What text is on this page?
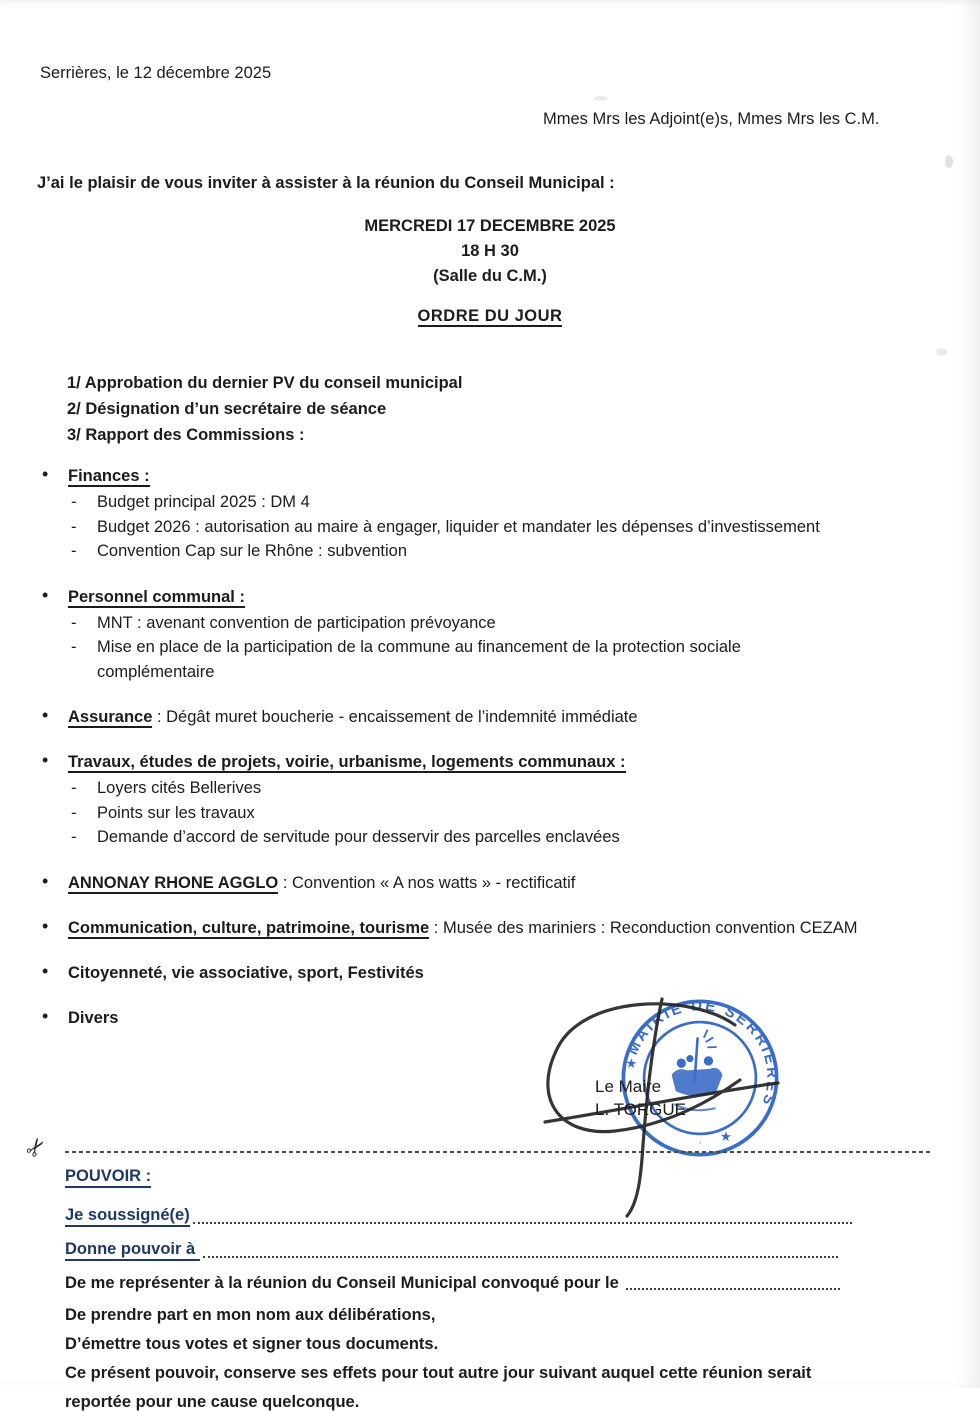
Serrières, le 12 décembre 2025
Mmes Mrs les Adjoint(e)s, Mmes Mrs les C.M.
J’ai le plaisir de vous inviter à assister à la réunion du Conseil Municipal :
MERCREDI 17 DECEMBRE 2025
18 H 30
(Salle du C.M.)
ORDRE DU JOUR
1/ Approbation du dernier PV du conseil municipal
2/ Désignation d’un secrétaire de séance
3/ Rapport des Commissions :
• Finances :
- Budget principal 2025 : DM 4
- Budget 2026 : autorisation au maire à engager, liquider et mandater les dépenses d’investissement
- Convention Cap sur le Rhône : subvention
• Personnel communal :
- MNT : avenant convention de participation prévoyance
- Mise en place de la participation de la commune au financement de la protection sociale complémentaire
• Assurance : Dégât muret boucherie - encaissement de l’indemnité immédiate
• Travaux, études de projets, voirie, urbanisme, logements communaux :
- Loyers cités Bellerives
- Points sur les travaux
- Demande d’accord de servitude pour desservir des parcelles enclavées
• ANNONAY RHONE AGGLO : Convention « A nos watts » - rectificatif
• Communication, culture, patrimoine, tourisme : Musée des mariniers : Reconduction convention CEZAM
• Citoyenneté, vie associative, sport, Festivités
• Divers
MAIRIE DE SERRIERES
★
★
·
Le Maire
L. TORGUE
✂
POUVOIR :
Je soussigné(e)
Donne pouvoir à
De me représenter à la réunion du Conseil Municipal convoqué pour le
De prendre part en mon nom aux délibérations,
D’émettre tous votes et signer tous documents.
Ce présent pouvoir, conserve ses effets pour tout autre jour suivant auquel cette réunion serait
reportée pour une cause quelconque.
